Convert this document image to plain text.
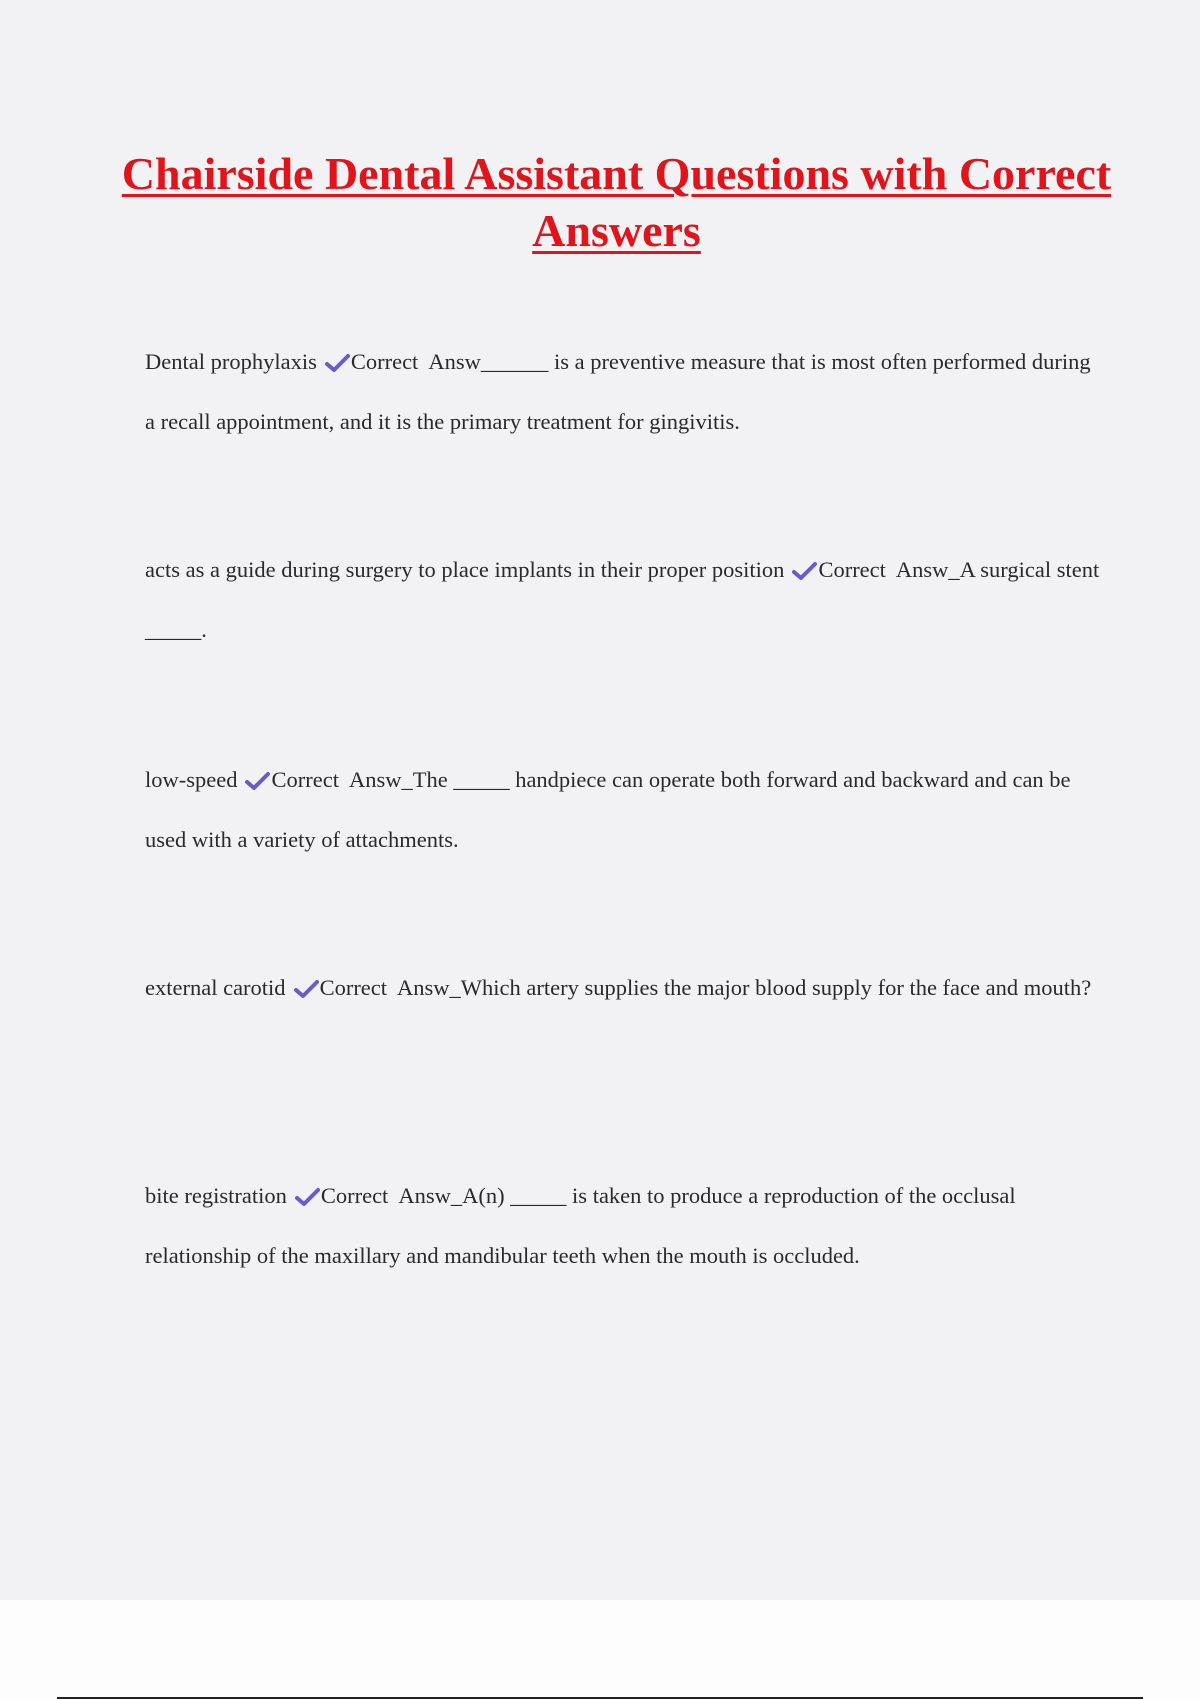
Chairside Dental Assistant Questions with Correct Answers

Dental prophylaxis Correct  Answ______ is a preventive measure that is most often performed during a recall appointment, and it is the primary treatment for gingivitis.

acts as a guide during surgery to place implants in their proper position Correct  Answ_A surgical stent _____.

low-speed Correct  Answ_The _____ handpiece can operate both forward and backward and can be used with a variety of attachments.

external carotid Correct  Answ_Which artery supplies the major blood supply for the face and mouth?

bite registration Correct  Answ_A(n) _____ is taken to produce a reproduction of the occlusal relationship of the maxillary and mandibular teeth when the mouth is occluded.
